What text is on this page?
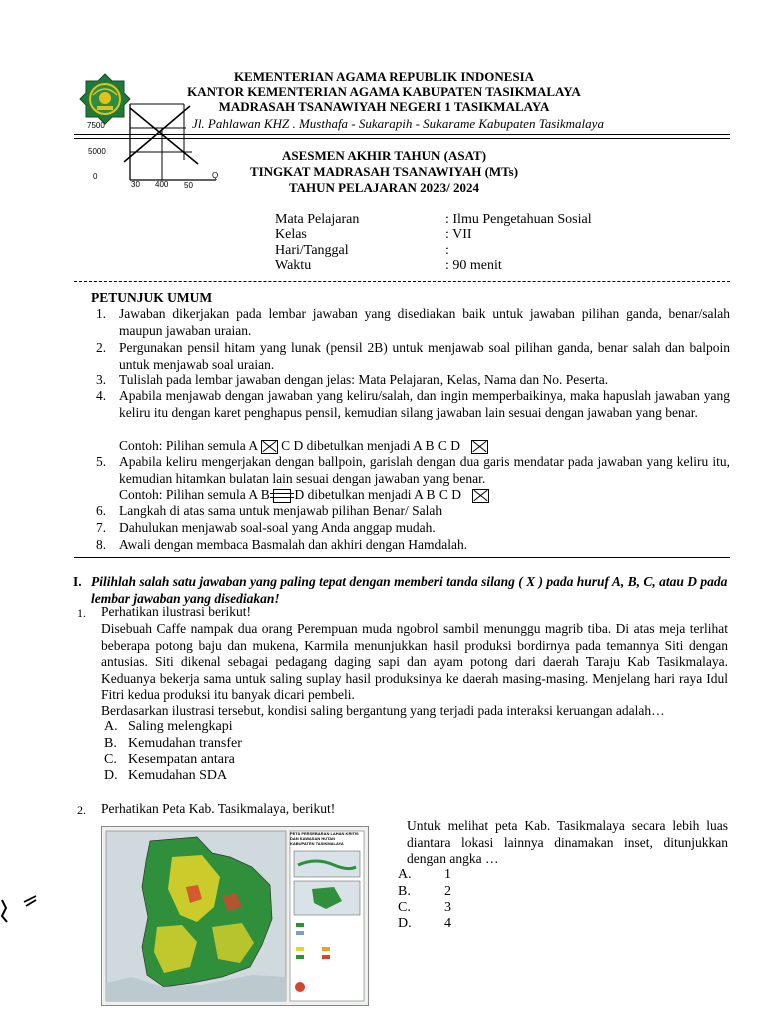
7500
5000
0
30 400 50
Q
KEMENTERIAN AGAMA REPUBLIK INDONESIA
KANTOR KEMENTERIAN AGAMA KABUPATEN TASIKMALAYA
MADRASAH TSANAWIYAH NEGERI 1 TASIKMALAYA
Jl. Pahlawan KHZ . Musthafa - Sukarapih - Sukarame Kabupaten Tasikmalaya
ASESMEN AKHIR TAHUN (ASAT)
TINGKAT MADRASAH TSANAWIYAH (MTs)
TAHUN PELAJARAN 2023/ 2024
Mata Pelajaran	: Ilmu Pengetahuan Sosial
Kelas	: VII
Hari/Tanggal	:
Waktu	: 90 menit
PETUNJUK UMUM
1. Jawaban dikerjakan pada lembar jawaban yang disediakan baik untuk jawaban pilihan ganda, benar/salah maupun jawaban uraian.
2. Pergunakan pensil hitam yang lunak (pensil 2B) untuk menjawab soal pilihan ganda, benar salah dan balpoin untuk menjawab soal uraian.
3. Tulislah pada lembar jawaban dengan jelas: Mata Pelajaran, Kelas, Nama dan No. Peserta.
4. Apabila menjawab dengan jawaban yang keliru/salah, dan ingin memperbaikinya, maka hapuslah jawaban yang keliru itu dengan karet penghapus pensil, kemudian silang jawaban lain sesuai dengan jawaban yang benar.
Contoh: Pilihan semula A ☒ C D dibetulkan menjadi A B C D
5. Apabila keliru mengerjakan dengan ballpoin, garislah dengan dua garis mendatar pada jawaban yang keliru itu, kemudian hitamkan bulatan lain sesuai dengan jawaban yang benar.
Contoh: Pilihan semula A B D dibetulkan menjadi A B C D
6. Langkah di atas sama untuk menjawab pilihan Benar/ Salah
7. Dahulukan menjawab soal-soal yang Anda anggap mudah.
8. Awali dengan membaca Basmalah dan akhiri dengan Hamdalah.
I. Pilihlah salah satu jawaban yang paling tepat dengan memberi tanda silang ( X ) pada huruf A, B, C, atau D pada lembar jawaban yang disediakan!
1. Perhatikan ilustrasi berikut!
Disebuah Caffe nampak dua orang Perempuan muda ngobrol sambil menunggu magrib tiba. Di atas meja terlihat beberapa potong baju dan mukena, Karmila menunjukkan hasil produksi bordirnya pada temannya Siti dengan antusias. Siti dikenal sebagai pedagang daging sapi dan ayam potong dari daerah Taraju Kab Tasikmalaya. Keduanya bekerja sama untuk saling suplay hasil produksinya ke daerah masing-masing. Menjelang hari raya Idul Fitri kedua produksi itu banyak dicari pembeli.
Berdasarkan ilustrasi tersebut, kondisi saling bergantung yang terjadi pada interaksi keruangan adalah…
A. Saling melengkapi
B. Kemudahan transfer
C. Kesempatan antara
D. Kemudahan SDA
2. Perhatikan Peta Kab. Tasikmalaya, berikut!
PETA PERSEBARAN LAHAN KRITIS DAN KAWASAN HUTAN KABUPATEN TASIKMALAYA
Untuk melihat peta Kab. Tasikmalaya secara lebih luas diantara lokasi lainnya dinamakan inset, ditunjukkan dengan angka …
A. 1
B. 2
C. 3
D. 4
